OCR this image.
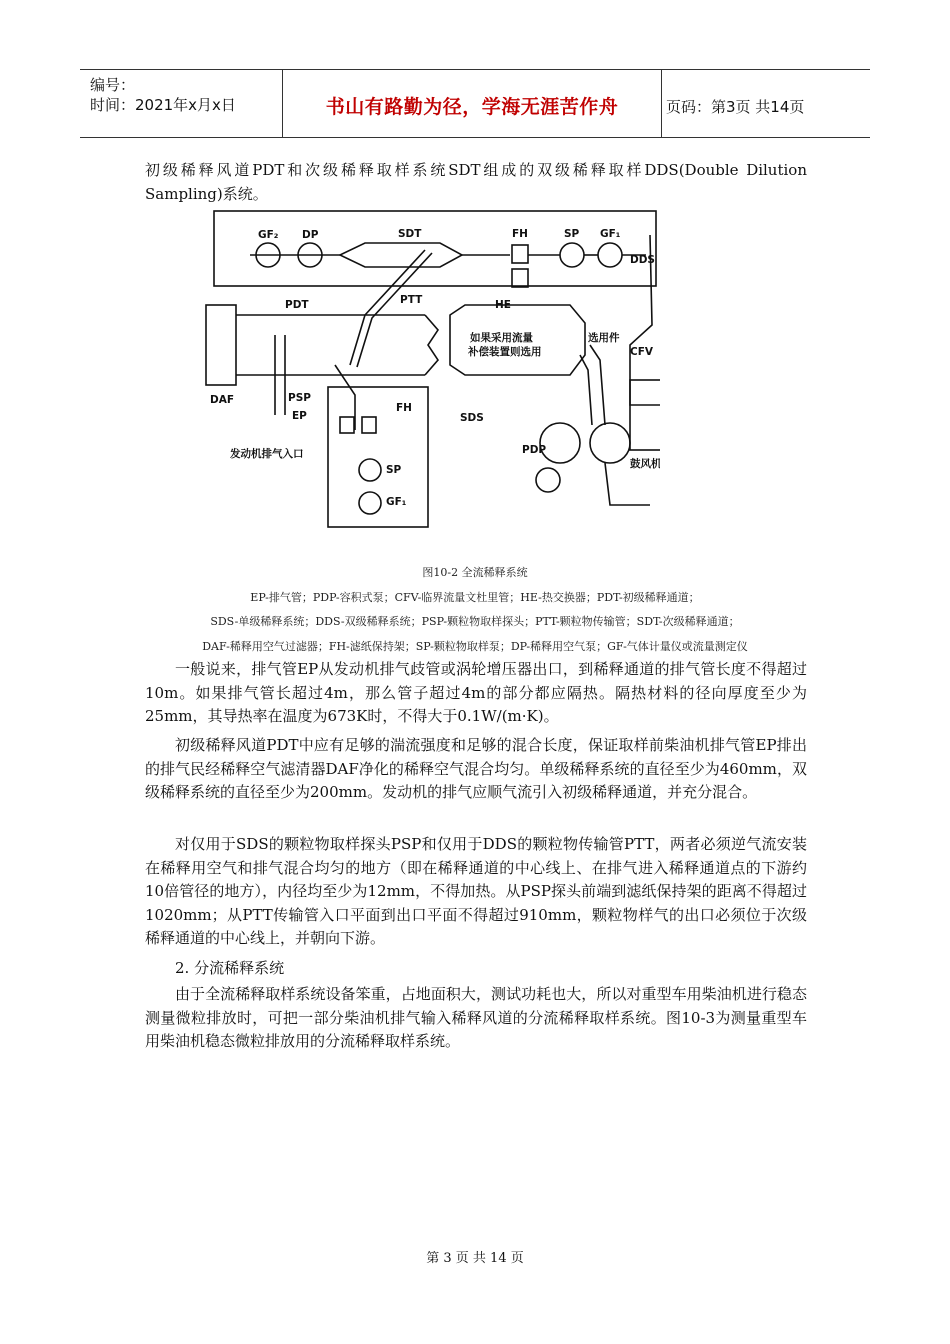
编号：
时间：2021年x月x日	书山有路勤为径，学海无涯苦作舟	页码：第3页 共14页

初级稀释风道PDT和次级稀释取样系统SDT组成的双级稀释取样DDS(Double Dilution Sampling)系统。

GF₂ DP	SDT	FH	SP GF₁
DDS
PDT	PTT	HE
如果采用流量
补偿装置则选用
选用件
CFV
DAF	PSP
EP
FH
SDS
发动机排气入口
SP
GF₁
PDP
鼓风机

图10-2 全流稀释系统

EP-排气管；PDP-容积式泵；CFV-临界流量文杜里管；HE-热交换器；PDT-初级稀释通道；

SDS-单级稀释系统；DDS-双级稀释系统；PSP-颗粒物取样探头；PTT-颗粒物传输管；SDT-次级稀释通道；

DAF-稀释用空气过滤器；FH-滤纸保持架；SP-颗粒物取样泵；DP-稀释用空气泵；GF-气体计量仪或流量测定仪

一般说来，排气管EP从发动机排气歧管或涡轮增压器出口，到稀释通道的排气管长度不得超过10m。如果排气管长超过4m，那么管子超过4m的部分都应隔热。隔热材料的径向厚度至少为25mm，其导热率在温度为673K时，不得大于0.1W/(m·K)。

初级稀释风道PDT中应有足够的湍流强度和足够的混合长度，保证取样前柴油机排气管EP排出的排气民经稀释空气滤清器DAF净化的稀释空气混合均匀。单级稀释系统的直径至少为460mm，双级稀释系统的直径至少为200mm。发动机的排气应顺气流引入初级稀释通道，并充分混合。

对仅用于SDS的颗粒物取样探头PSP和仅用于DDS的颗粒物传输管PTT，两者必须逆气流安装在稀释用空气和排气混合均匀的地方（即在稀释通道的中心线上、在排气进入稀释通道点的下游约10倍管径的地方），内径均至少为12mm，不得加热。从PSP探头前端到滤纸保持架的距离不得超过1020mm；从PTT传输管入口平面到出口平面不得超过910mm，颗粒物样气的出口必须位于次级稀释通道的中心线上，并朝向下游。

2. 分流稀释系统

由于全流稀释取样系统设备笨重，占地面积大，测试功耗也大，所以对重型车用柴油机进行稳态测量微粒排放时，可把一部分柴油机排气输入稀释风道的分流稀释取样系统。图10-3为测量重型车用柴油机稳态微粒排放用的分流稀释取样系统。

第 3 页 共 14 页
